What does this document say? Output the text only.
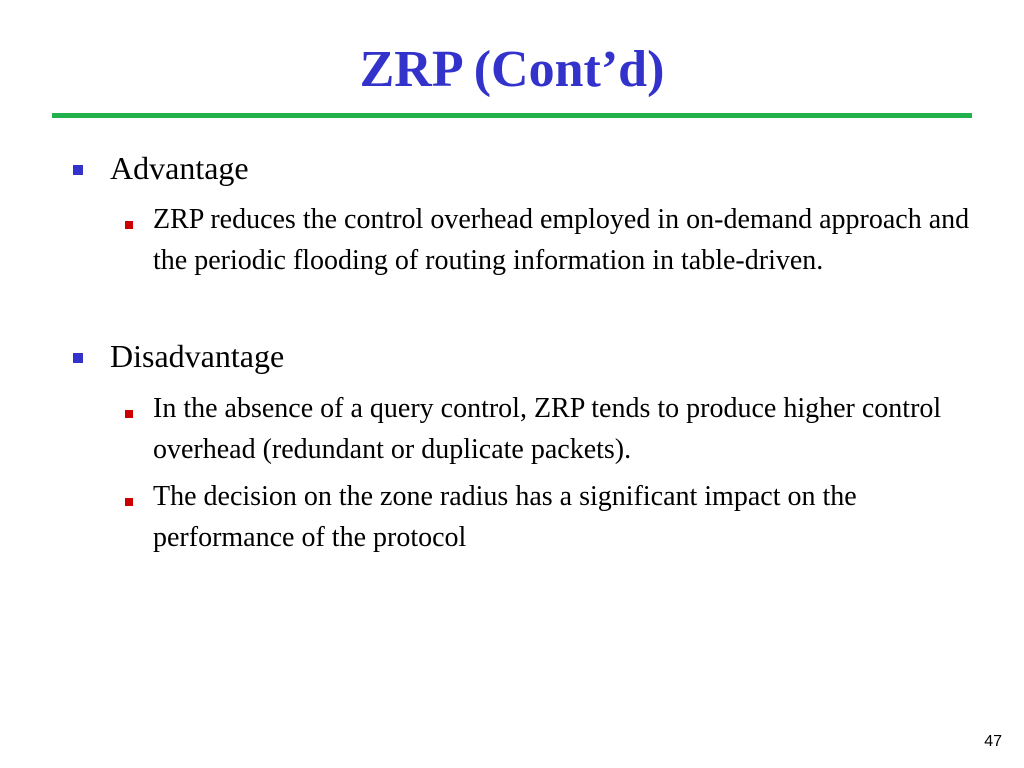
ZRP (Cont’d)
Advantage
ZRP reduces the control overhead employed in on-demand approach and the periodic flooding of routing information in table-driven.
Disadvantage
In the absence of a query control, ZRP tends to produce higher control overhead (redundant or duplicate packets).
The decision on the zone radius has a significant impact on the performance of the protocol
47
